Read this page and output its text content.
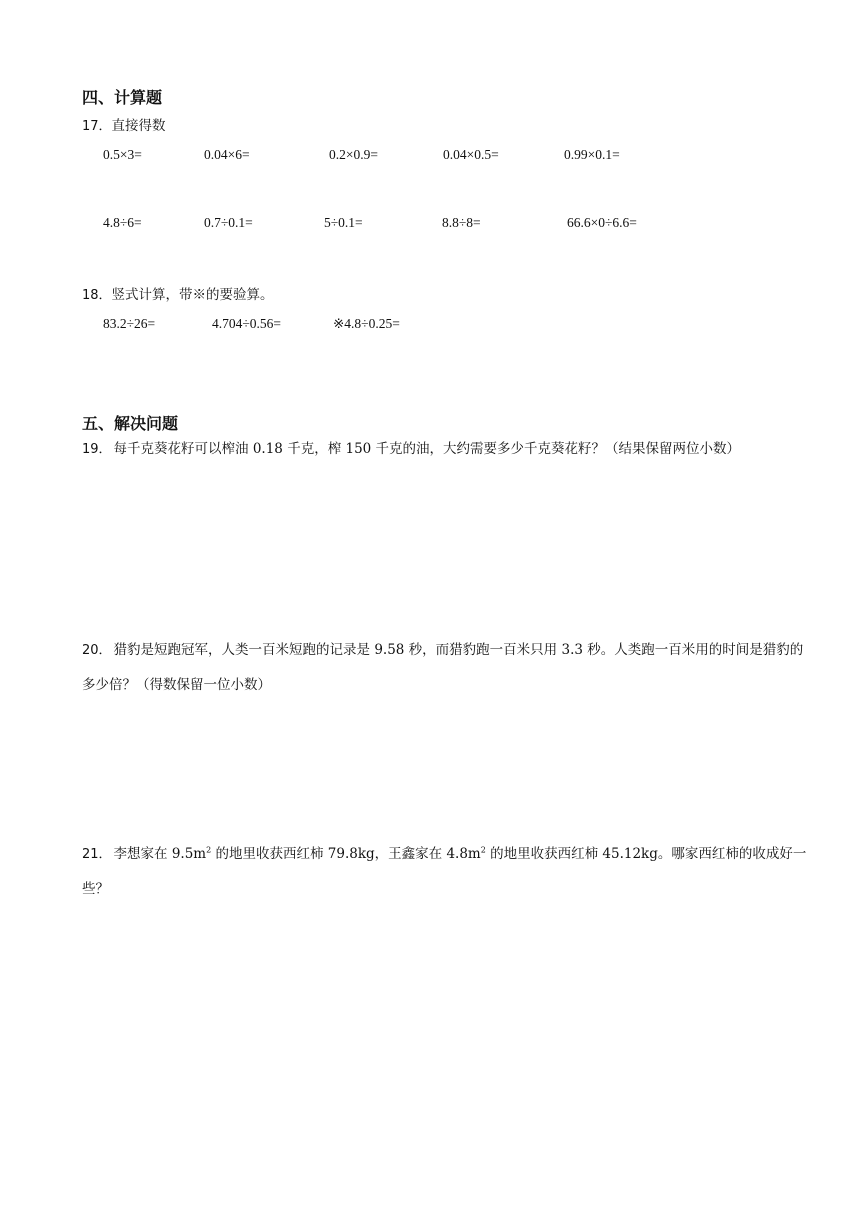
四、计算题
17．直接得数
0.5×3=	0.04×6=	0.2×0.9=	0.04×0.5=	0.99×0.1=
4.8÷6=	0.7÷0.1=	5÷0.1=	8.8÷8=	66.6×0÷6.6=
18．竖式计算，带※的要验算。
83.2÷26=	4.704÷0.56=	※4.8÷0.25=
五、解决问题
19． 每千克葵花籽可以榨油 0.18 千克，榨 150 千克的油，大约需要多少千克葵花籽？（结果保留两位小数）
20． 猎豹是短跑冠军，人类一百米短跑的记录是 9.58 秒，而猎豹跑一百米只用 3.3 秒。人类跑一百米用的时间是猎豹的多少倍？（得数保留一位小数）
21． 李想家在 $9.5m^2$ 的地里收获西红柿 79.8kg，王鑫家在 $4.8m^2$ 的地里收获西红柿 45.12kg。哪家西红柿的收成好一些？
